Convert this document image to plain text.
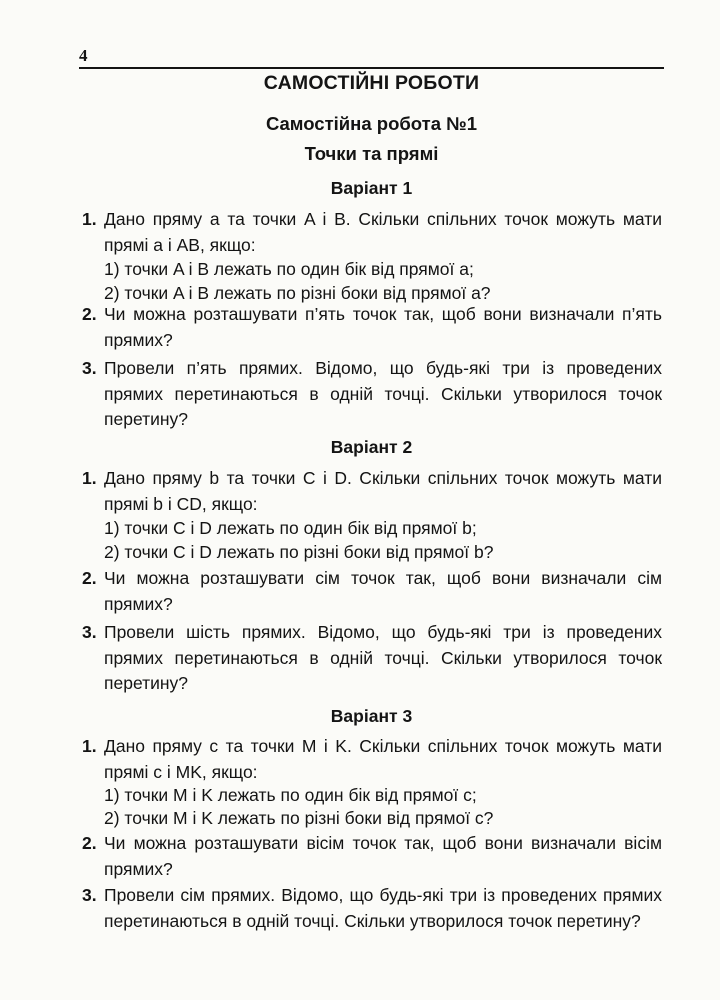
4
САМОСТІЙНІ РОБОТИ
Самостійна робота №1
Точки та прямі
Варіант 1
1. Дано пряму a та точки A і B. Скільки спільних точок можуть мати прямі a і AB, якщо:
1) точки A і B лежать по один бік від прямої a;
2) точки A і B лежать по різні боки від прямої a?
2. Чи можна розташувати п’ять точок так, щоб вони визначали п’ять прямих?
3. Провели п’ять прямих. Відомо, що будь-які три із проведених прямих перетинаються в одній точці. Скільки утворилося точок перетину?
Варіант 2
1. Дано пряму b та точки C і D. Скільки спільних точок можуть мати прямі b і CD, якщо:
1) точки C і D лежать по один бік від прямої b;
2) точки C і D лежать по різні боки від прямої b?
2. Чи можна розташувати сім точок так, щоб вони визначали сім прямих?
3. Провели шість прямих. Відомо, що будь-які три із проведених прямих перетинаються в одній точці. Скільки утворилося точок перетину?
Варіант 3
1. Дано пряму c та точки M і K. Скільки спільних точок можуть мати прямі c і MK, якщо:
1) точки M і K лежать по один бік від прямої c;
2) точки M і K лежать по різні боки від прямої c?
2. Чи можна розташувати вісім точок так, щоб вони визначали вісім прямих?
3. Провели сім прямих. Відомо, що будь-які три із проведених прямих перетинаються в одній точці. Скільки утворилося точок перетину?
